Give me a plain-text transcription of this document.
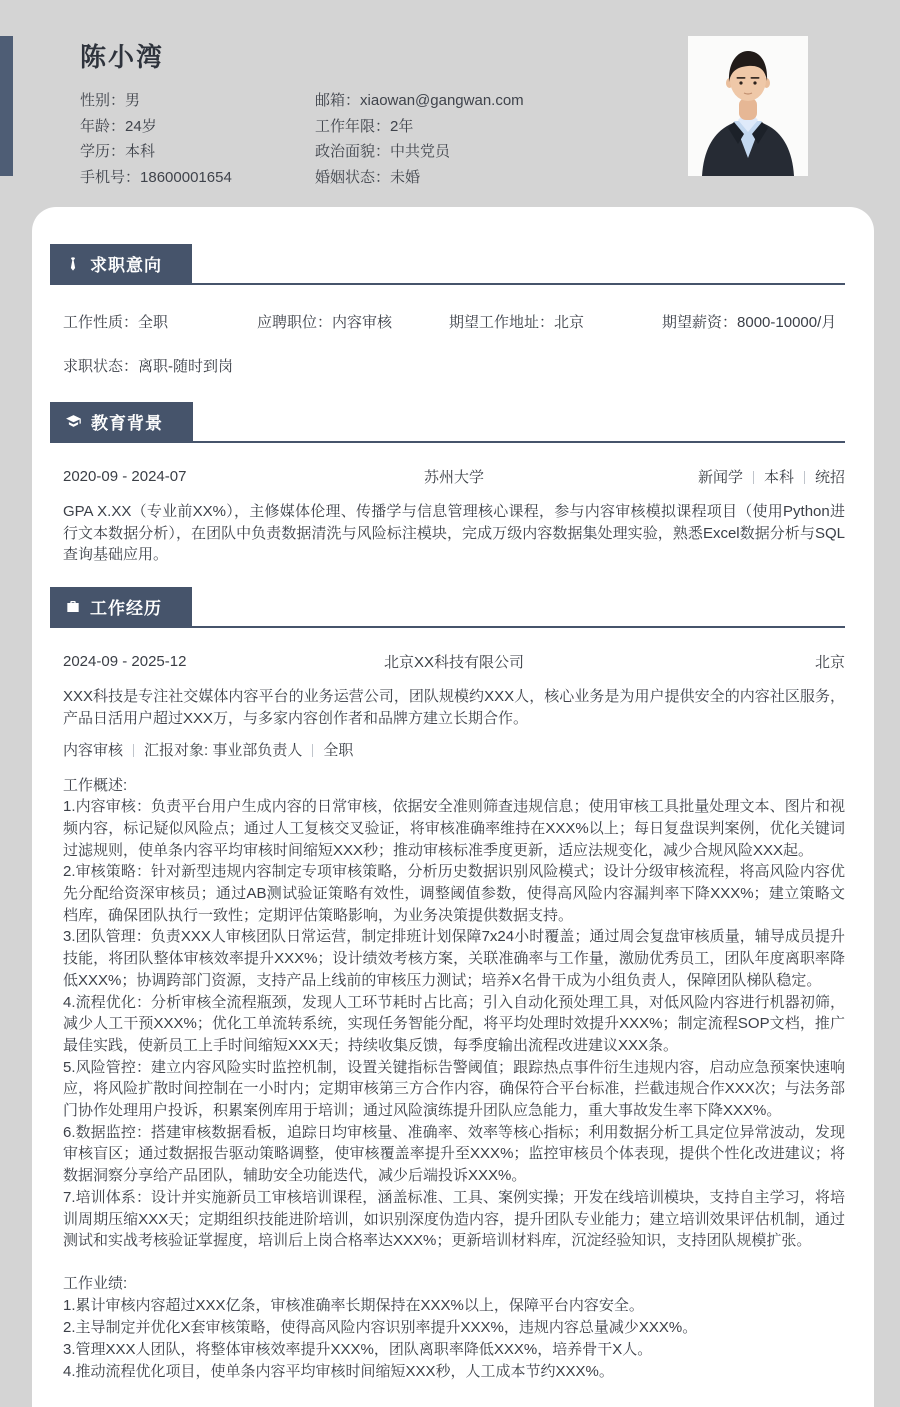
陈小湾
性别：男
年龄：24岁
学历：本科
手机号：18600001654
邮箱：xiaowan@gangwan.com
工作年限：2年
政治面貌：中共党员
婚姻状态：未婚
求职意向
工作性质：全职	应聘职位：内容审核	期望工作地址：北京	期望薪资：8000-10000/月
求职状态：离职-随时到岗
教育背景
2020-09 - 2024-07	苏州大学	新闻学 本科 统招
GPA X.XX（专业前XX%），主修媒体伦理、传播学与信息管理核心课程，参与内容审核模拟课程项目（使用Python进行文本数据分析），在团队中负责数据清洗与风险标注模块，完成万级内容数据集处理实验，熟悉Excel数据分析与SQL查询基础应用。
工作经历
2024-09 - 2025-12	北京XX科技有限公司	北京
XXX科技是专注社交媒体内容平台的业务运营公司，团队规模约XXX人，核心业务是为用户提供安全的内容社区服务，产品日活用户超过XXX万，与多家内容创作者和品牌方建立长期合作。
内容审核 汇报对象: 事业部负责人 全职
工作概述:
1.内容审核：负责平台用户生成内容的日常审核，依据安全准则筛查违规信息；使用审核工具批量处理文本、图片和视频内容，标记疑似风险点；通过人工复核交叉验证，将审核准确率维持在XXX%以上；每日复盘误判案例，优化关键词过滤规则，使单条内容平均审核时间缩短XXX秒；推动审核标准季度更新，适应法规变化，减少合规风险XXX起。
2.审核策略：针对新型违规内容制定专项审核策略，分析历史数据识别风险模式；设计分级审核流程，将高风险内容优先分配给资深审核员；通过AB测试验证策略有效性，调整阈值参数，使得高风险内容漏判率下降XXX%；建立策略文档库，确保团队执行一致性；定期评估策略影响，为业务决策提供数据支持。
3.团队管理：负责XXX人审核团队日常运营，制定排班计划保障7x24小时覆盖；通过周会复盘审核质量，辅导成员提升技能，将团队整体审核效率提升XXX%；设计绩效考核方案，关联准确率与工作量，激励优秀员工，团队年度离职率降低XXX%；协调跨部门资源，支持产品上线前的审核压力测试；培养X名骨干成为小组负责人，保障团队梯队稳定。
4.流程优化：分析审核全流程瓶颈，发现人工环节耗时占比高；引入自动化预处理工具，对低风险内容进行机器初筛，减少人工干预XXX%；优化工单流转系统，实现任务智能分配，将平均处理时效提升XXX%；制定流程SOP文档，推广最佳实践，使新员工上手时间缩短XXX天；持续收集反馈，每季度输出流程改进建议XXX条。
5.风险管控：建立内容风险实时监控机制，设置关键指标告警阈值；跟踪热点事件衍生违规内容，启动应急预案快速响应，将风险扩散时间控制在一小时内；定期审核第三方合作内容，确保符合平台标准，拦截违规合作XXX次；与法务部门协作处理用户投诉，积累案例库用于培训；通过风险演练提升团队应急能力，重大事故发生率下降XXX%。
6.数据监控：搭建审核数据看板，追踪日均审核量、准确率、效率等核心指标；利用数据分析工具定位异常波动，发现审核盲区；通过数据报告驱动策略调整，使审核覆盖率提升至XXX%；监控审核员个体表现，提供个性化改进建议；将数据洞察分享给产品团队，辅助安全功能迭代，减少后端投诉XXX%。
7.培训体系：设计并实施新员工审核培训课程，涵盖标准、工具、案例实操；开发在线培训模块，支持自主学习，将培训周期压缩XXX天；定期组织技能进阶培训，如识别深度伪造内容，提升团队专业能力；建立培训效果评估机制，通过测试和实战考核验证掌握度，培训后上岗合格率达XXX%；更新培训材料库，沉淀经验知识，支持团队规模扩张。
工作业绩:
1.累计审核内容超过XXX亿条，审核准确率长期保持在XXX%以上，保障平台内容安全。
2.主导制定并优化X套审核策略，使得高风险内容识别率提升XXX%，违规内容总量减少XXX%。
3.管理XXX人团队，将整体审核效率提升XXX%，团队离职率降低XXX%，培养骨干X人。
4.推动流程优化项目，使单条内容平均审核时间缩短XXX秒，人工成本节约XXX%。
